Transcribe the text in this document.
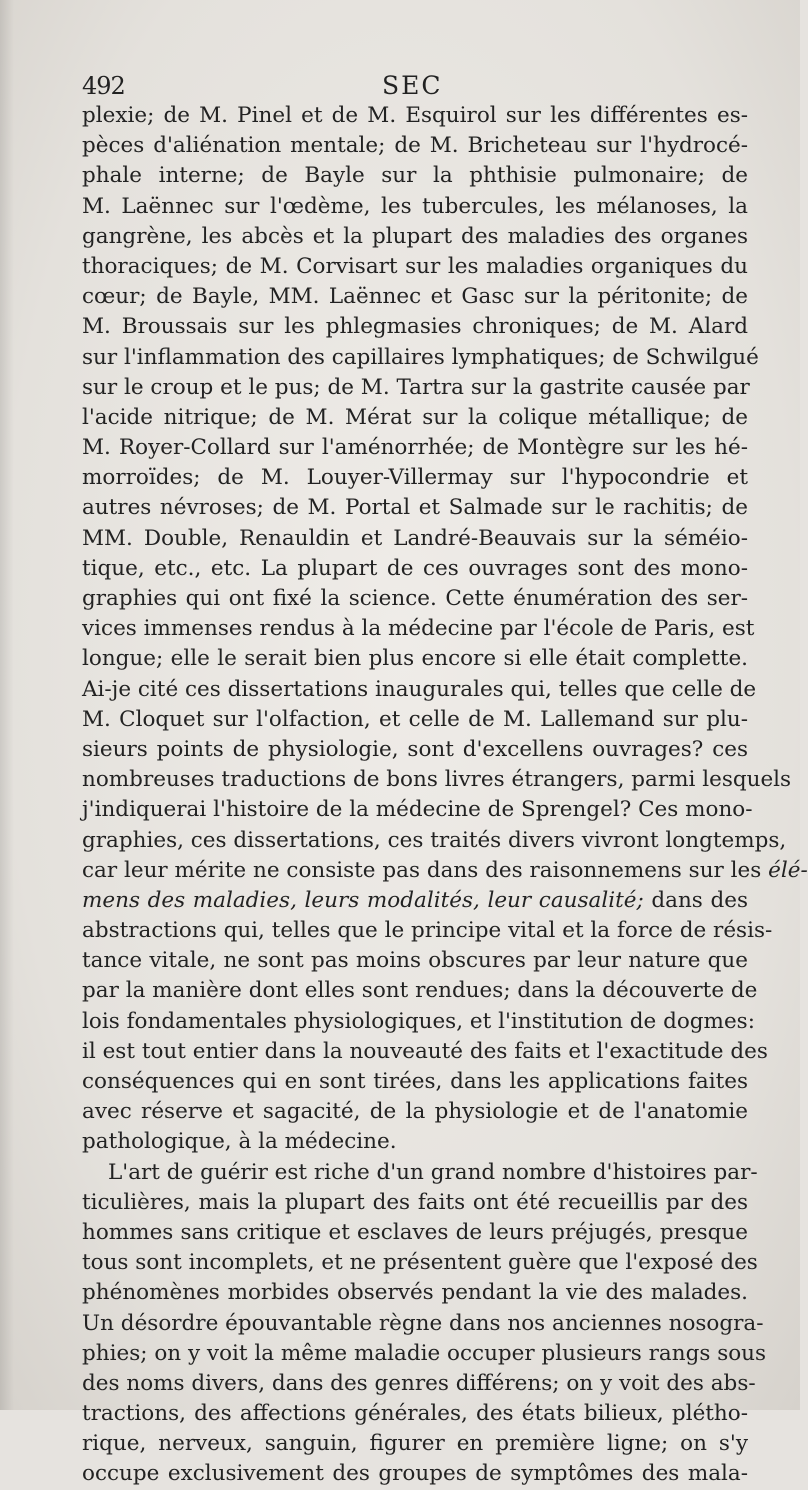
492	SEC
plexie; de M. Pinel et de M. Esquirol sur les différentes es-
pèces d'aliénation mentale; de M. Bricheteau sur l'hydrocé-
phale interne; de Bayle sur la phthisie pulmonaire; de
M. Laënnec sur l'œdème, les tubercules, les mélanoses, la
gangrène, les abcès et la plupart des maladies des organes
thoraciques; de M. Corvisart sur les maladies organiques du
cœur; de Bayle, MM. Laënnec et Gasc sur la péritonite; de
M. Broussais sur les phlegmasies chroniques; de M. Alard
sur l'inflammation des capillaires lymphatiques; de Schwilgué
sur le croup et le pus; de M. Tartra sur la gastrite causée par
l'acide nitrique; de M. Mérat sur la colique métallique; de
M. Royer-Collard sur l'aménorrhée; de Montègre sur les hé-
morroïdes; de M. Louyer-Villermay sur l'hypocondrie et
autres névroses; de M. Portal et Salmade sur le rachitis; de
MM. Double, Renauldin et Landré-Beauvais sur la séméio-
tique, etc., etc. La plupart de ces ouvrages sont des mono-
graphies qui ont fixé la science. Cette énumération des ser-
vices immenses rendus à la médecine par l'école de Paris, est
longue; elle le serait bien plus encore si elle était complette.
Ai-je cité ces dissertations inaugurales qui, telles que celle de
M. Cloquet sur l'olfaction, et celle de M. Lallemand sur plu-
sieurs points de physiologie, sont d'excellens ouvrages? ces
nombreuses traductions de bons livres étrangers, parmi lesquels
j'indiquerai l'histoire de la médecine de Sprengel? Ces mono-
graphies, ces dissertations, ces traités divers vivront longtemps,
car leur mérite ne consiste pas dans des raisonnemens sur les élé-
mens des maladies, leurs modalités, leur causalité; dans des
abstractions qui, telles que le principe vital et la force de résis-
tance vitale, ne sont pas moins obscures par leur nature que
par la manière dont elles sont rendues; dans la découverte de
lois fondamentales physiologiques, et l'institution de dogmes:
il est tout entier dans la nouveauté des faits et l'exactitude des
conséquences qui en sont tirées, dans les applications faites
avec réserve et sagacité, de la physiologie et de l'anatomie
pathologique, à la médecine.
L'art de guérir est riche d'un grand nombre d'histoires par-
ticulières, mais la plupart des faits ont été recueillis par des
hommes sans critique et esclaves de leurs préjugés, presque
tous sont incomplets, et ne présentent guère que l'exposé des
phénomènes morbides observés pendant la vie des malades.
Un désordre épouvantable règne dans nos anciennes nosogra-
phies; on y voit la même maladie occuper plusieurs rangs sous
des noms divers, dans des genres différens; on y voit des abs-
tractions, des affections générales, des états bilieux, plétho-
rique, nerveux, sanguin, figurer en première ligne; on s'y
occupe exclusivement des groupes de symptômes des mala-
